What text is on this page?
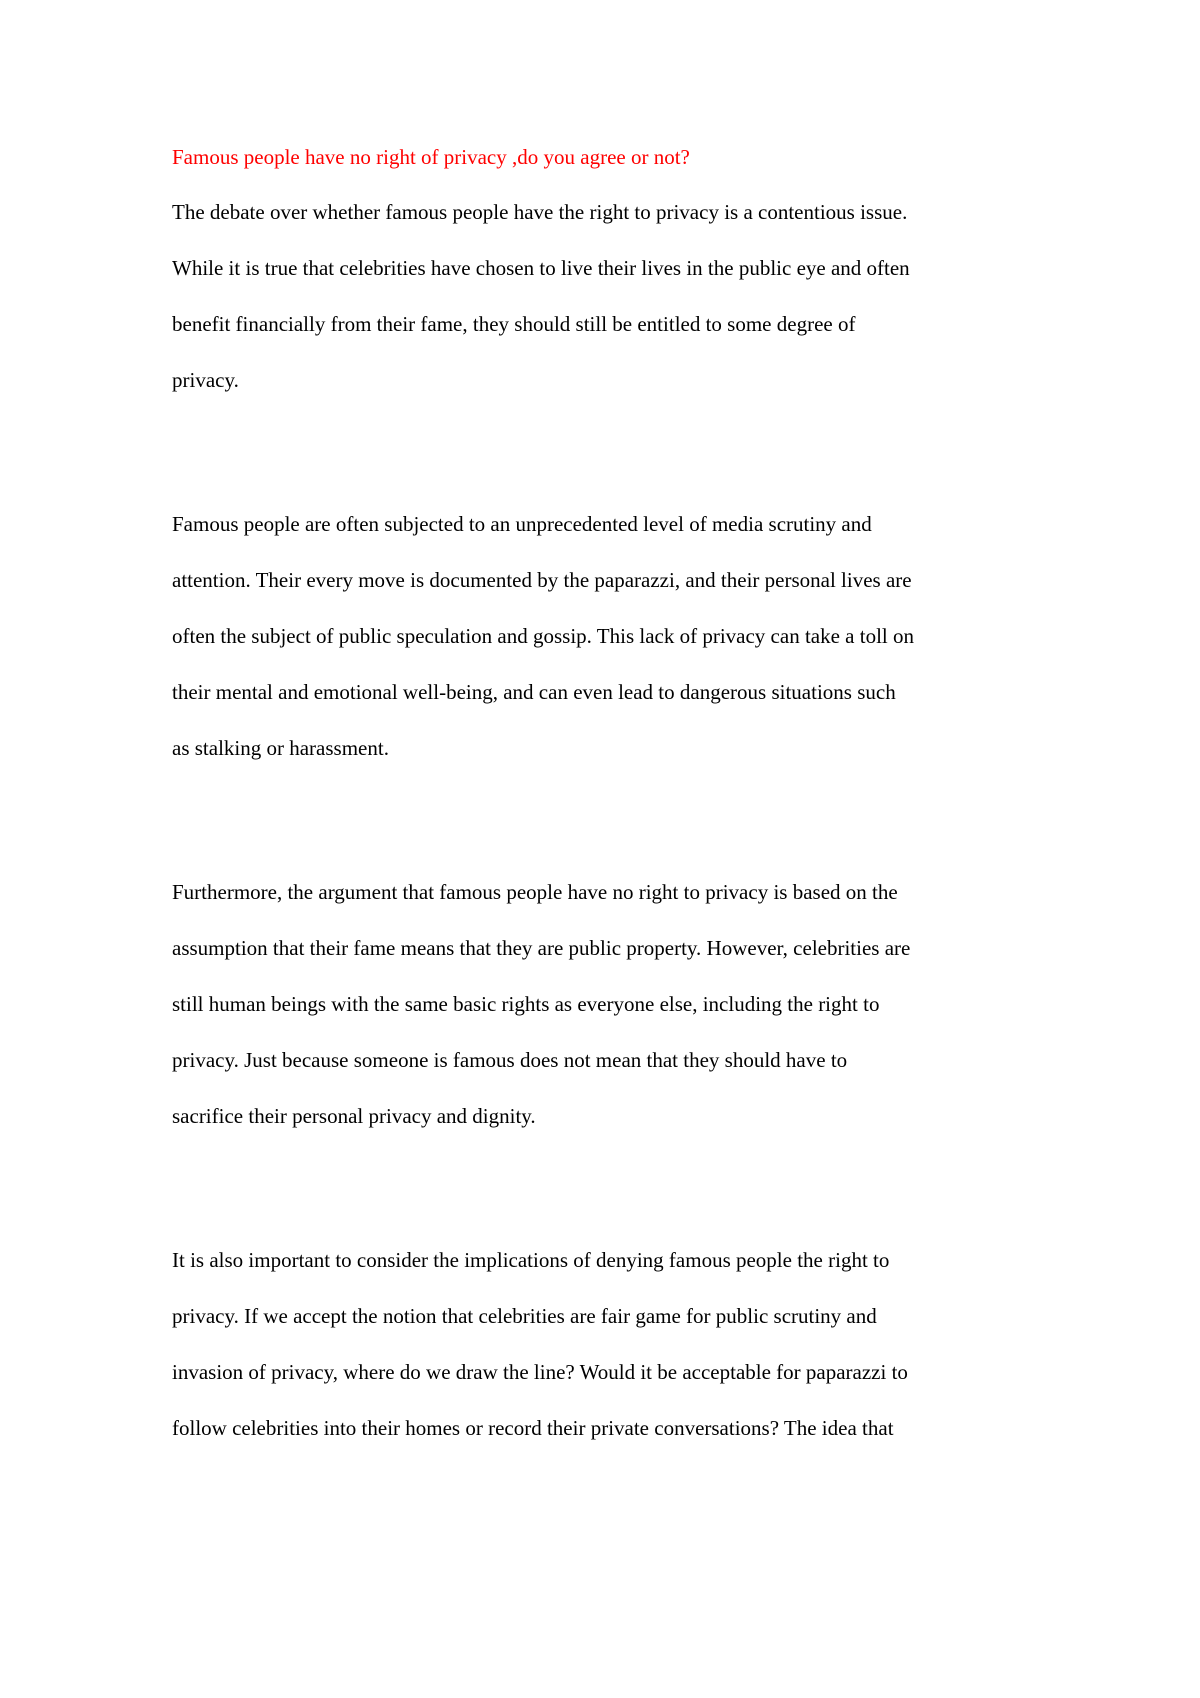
Famous people have no right of privacy ,do you agree or not?

The debate over whether famous people have the right to privacy is a contentious issue.
While it is true that celebrities have chosen to live their lives in the public eye and often
benefit financially from their fame, they should still be entitled to some degree of
privacy.
Famous people are often subjected to an unprecedented level of media scrutiny and
attention. Their every move is documented by the paparazzi, and their personal lives are
often the subject of public speculation and gossip. This lack of privacy can take a toll on
their mental and emotional well-being, and can even lead to dangerous situations such
as stalking or harassment.
Furthermore, the argument that famous people have no right to privacy is based on the
assumption that their fame means that they are public property. However, celebrities are
still human beings with the same basic rights as everyone else, including the right to
privacy. Just because someone is famous does not mean that they should have to
sacrifice their personal privacy and dignity.
It is also important to consider the implications of denying famous people the right to
privacy. If we accept the notion that celebrities are fair game for public scrutiny and
invasion of privacy, where do we draw the line? Would it be acceptable for paparazzi to
follow celebrities into their homes or record their private conversations? The idea that
